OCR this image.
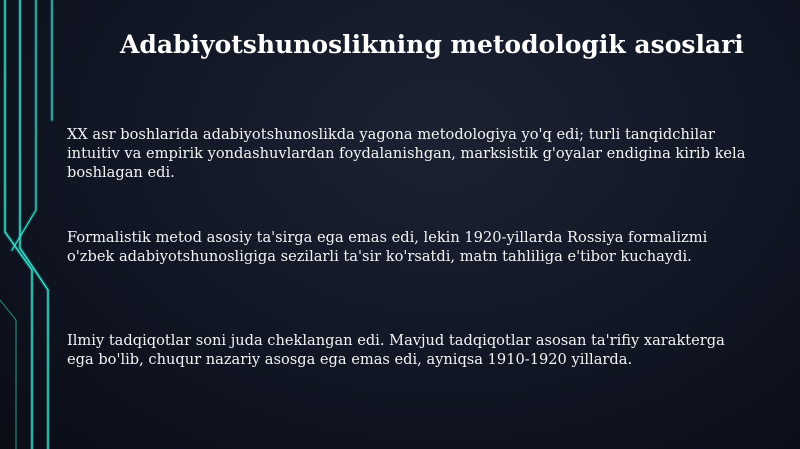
Adabiyotshunoslikning metodologik asoslari
XX asr boshlarida adabiyotshunoslikda yagona metodologiya yo'q edi; turli tanqidchilar intuitiv va empirik yondashuvlardan foydalanishgan, marksistik g'oyalar endigina kirib kela boshlagan edi.
Formalistik metod asosiy ta'sirga ega emas edi, lekin 1920-yillarda Rossiya formalizmi o'zbek adabiyotshunosligiga sezilarli ta'sir ko'rsatdi, matn tahliliga e'tibor kuchaydi.
Ilmiy tadqiqotlar soni juda cheklangan edi. Mavjud tadqiqotlar asosan ta'rifiy xarakterga ega bo'lib, chuqur nazariy asosga ega emas edi, ayniqsa 1910-1920 yillarda.
